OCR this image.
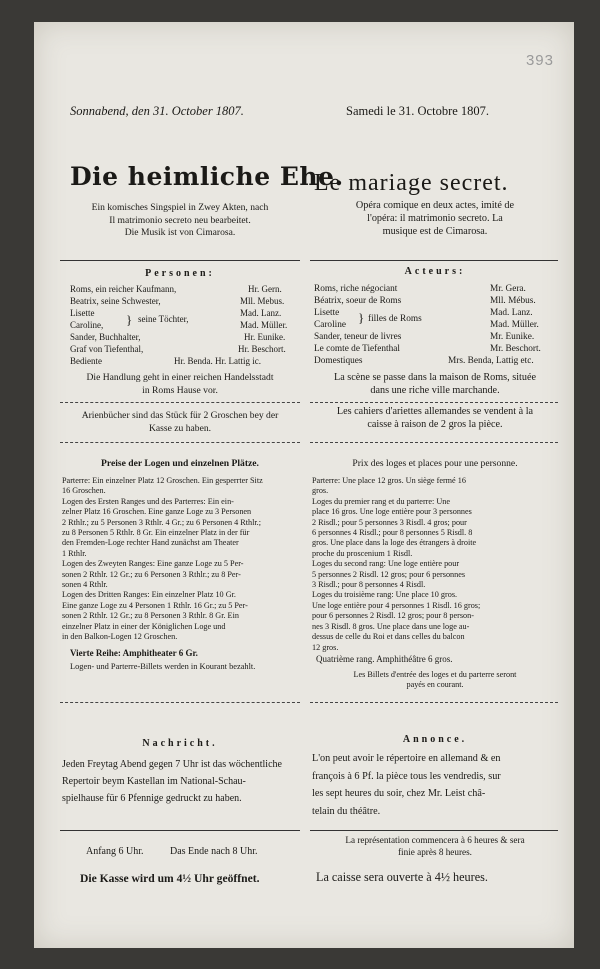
393
Sonnabend, den 31. October 1807.	Samedi le 31. Octobre 1807.
Die heimliche Ehe.
Le mariage secret.
Ein komisches Singspiel in Zwey Akten, nach
Il matrimonio secreto neu bearbeitet.
Die Musik ist von Cimarosa.
Opéra comique en deux actes, imité de
l'opéra: il matrimonio secreto. La
musique est de Cimarosa.
Personen:	Acteurs:
Roms, ein reicher Kaufmann,	Hr. Gern.
Beatrix, seine Schwester,	Mll. Mebus.
Lisette	Mad. Lanz.
Caroline,	Mad. Müller.
} seine Töchter,
Sander, Buchhalter,	Hr. Eunike.
Graf von Tiefenthal,	Hr. Beschort.
Bediente	Hr. Benda. Hr. Lattig ic.
Die Handlung geht in einer reichen Handelsstadt
in Roms Hause vor.
Roms, riche négociant	Mr. Gera.
Béatrix, soeur de Roms	Mll. Mébus.
Lisette	Mad. Lanz.
Caroline	Mad. Müller.
} filles de Roms
Sander, teneur de livres	Mr. Eunike.
Le comte de Tiefenthal	Mr. Beschort.
Domestiques	Mrs. Benda, Lattig etc.
La scène se passe dans la maison de Roms, située
dans une riche ville marchande.
Arienbücher sind das Stück für 2 Groschen bey der
Kasse zu haben.
Les cahiers d'ariettes allemandes se vendent à la
caisse à raison de 2 gros la pièce.
Preise der Logen und einzelnen Plätze.	Prix des loges et places pour une personne.
Parterre: Ein einzelner Platz 12 Groschen. Ein gesperrter Sitz
16 Groschen.
Logen des Ersten Ranges und des Parterres: Ein ein-
zelner Platz 16 Groschen. Eine ganze Loge zu 3 Personen
2 Rthlr.; zu 5 Personen 3 Rthlr. 4 Gr.; zu 6 Personen 4 Rthlr.;
zu 8 Personen 5 Rthlr. 8 Gr. Ein einzelner Platz in der für
den Fremden-Loge rechter Hand zunächst am Theater
1 Rthlr.
Logen des Zweyten Ranges: Eine ganze Loge zu 5 Per-
sonen 2 Rthlr. 12 Gr.; zu 6 Personen 3 Rthlr.; zu 8 Per-
sonen 4 Rthlr.
Logen des Dritten Ranges: Ein einzelner Platz 10 Gr.
Eine ganze Loge zu 4 Personen 1 Rthlr. 16 Gr.; zu 5 Per-
sonen 2 Rthlr. 12 Gr.; zu 8 Personen 3 Rthlr. 8 Gr. Ein
einzelner Platz in einer der Königlichen Loge und
in den Balkon-Logen 12 Groschen.
Parterre: Une place 12 gros. Un siège fermé 16
gros.
Loges du premier rang et du parterre: Une
place 16 gros. Une loge entière pour 3 personnes
2 Risdl.; pour 5 personnes 3 Risdl. 4 gros; pour
6 personnes 4 Risdl.; pour 8 personnes 5 Risdl. 8
gros. Une place dans la loge des étrangers à droite
proche du proscenium 1 Risdl.
Loges du second rang: Une loge entière pour
5 personnes 2 Risdl. 12 gros; pour 6 personnes
3 Risdl.; pour 8 personnes 4 Risdl.
Loges du troisième rang: Une place 10 gros.
Une loge entière pour 4 personnes 1 Risdl. 16 gros;
pour 6 personnes 2 Risdl. 12 gros; pour 8 person-
nes 3 Risdl. 8 gros. Une place dans une loge au-
dessus de celle du Roi et dans celles du balcon
12 gros.
Vierte Reihe: Amphitheater 6 Gr.
Logen- und Parterre-Billets werden in Kourant bezahlt.
Quatrième rang. Amphithéâtre 6 gros.
Les Billets d'entrée des loges et du parterre seront
payés en courant.
Nachricht.	Annonce.
Jeden Freytag Abend gegen 7 Uhr ist das wöchentliche
Repertoir beym Kastellan im National-Schau-
spielhause für 6 Pfennige gedruckt zu haben.
L'on peut avoir le répertoire en allemand & en
françois à 6 Pf. la pièce tous les vendredis, sur
les sept heures du soir, chez Mr. Leist châ-
telain du théâtre.
Anfang 6 Uhr.	Das Ende nach 8 Uhr.
La représentation commencera à 6 heures & sera
finie après 8 heures.
Die Kasse wird um 4½ Uhr geöffnet.	La caisse sera ouverte à 4½ heures.
